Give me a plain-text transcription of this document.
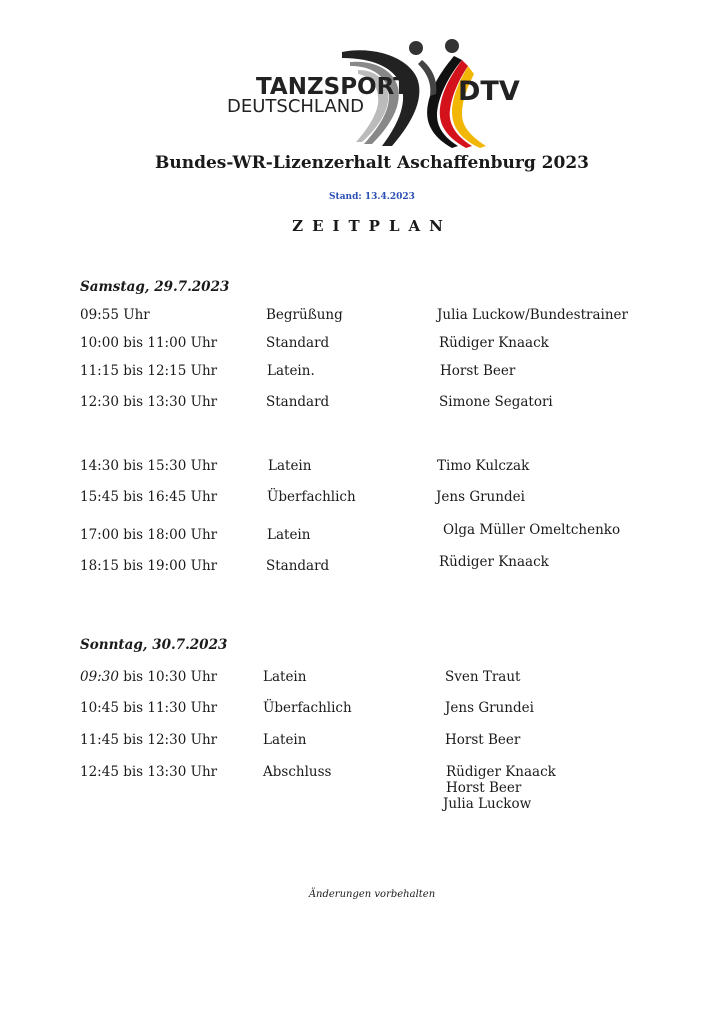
TANZSPORT
DEUTSCHLAND	DTV
Bundes-WR-Lizenzerhalt Aschaffenburg 2023
Stand: 13.4.2023
ZEITPLAN
Samstag, 29.7.2023
09:55 Uhr	Begrüßung	Julia Luckow/Bundestrainer
10:00 bis 11:00 Uhr	Standard	Rüdiger Knaack
11:15 bis 12:15 Uhr	Latein.	Horst Beer
12:30 bis 13:30 Uhr	Standard	Simone Segatori
14:30 bis 15:30 Uhr	Latein	Timo Kulczak
15:45 bis 16:45 Uhr	Überfachlich	Jens Grundei
17:00 bis 18:00 Uhr	Latein	Olga Müller Omeltchenko
18:15 bis 19:00 Uhr	Standard	Rüdiger Knaack
Sonntag, 30.7.2023
09:30 bis 10:30 Uhr	Latein	Sven Traut
10:45 bis 11:30 Uhr	Überfachlich	Jens Grundei
11:45 bis 12:30 Uhr	Latein	Horst Beer
12:45 bis 13:30 Uhr	Abschluss	Rüdiger Knaack
Horst Beer
Julia Luckow
Änderungen vorbehalten
